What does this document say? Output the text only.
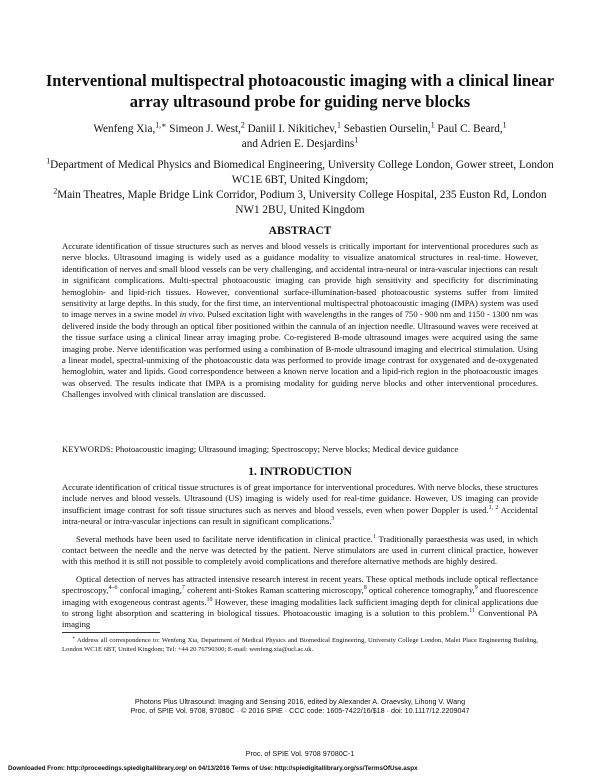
Interventional multispectral photoacoustic imaging with a clinical linear array ultrasound probe for guiding nerve blocks
Wenfeng Xia,$^{1,∗}$ Simeon J. West,$^2$ Daniil I. Nikitichev,$^1$ Sebastien Ourselin,$^1$ Paul C. Beard,$^1$
and Adrien E. Desjardins$^1$

$^1$Department of Medical Physics and Biomedical Engineering, University College London, Gower street, London WC1E 6BT, United Kingdom;

$^2$Main Theatres, Maple Bridge Link Corridor, Podium 3, University College Hospital, 235 Euston Rd, London NW1 2BU, United Kingdom

ABSTRACT

Accurate identification of tissue structures such as nerves and blood vessels is critically important for interventional procedures such as nerve blocks. Ultrasound imaging is widely used as a guidance modality to visualize anatomical structures in real-time. However, identification of nerves and small blood vessels can be very challenging, and accidental intra-neural or intra-vascular injections can result in significant complications. Multi-spectral photoacoustic imaging can provide high sensitivity and specificity for discriminating hemoglobin- and lipid-rich tissues. However, conventional surface-illumination-based photoacoustic systems suffer from limited sensitivity at large depths. In this study, for the first time, an interventional multispectral photoacoustic imaging (IMPA) system was used to image nerves in a swine model in vivo. Pulsed excitation light with wavelengths in the ranges of 750 - 900 nm and 1150 - 1300 nm was delivered inside the body through an optical fiber positioned within the cannula of an injection needle. Ultrasound waves were received at the tissue surface using a clinical linear array imaging probe. Co-registered B-mode ultrasound images were acquired using the same imaging probe. Nerve identification was performed using a combination of B-mode ultrasound imaging and electrical stimulation. Using a linear model, spectral-unmixing of the photoacoustic data was performed to provide image contrast for oxygenated and de-oxygenated hemoglobin, water and lipids. Good correspondence between a known nerve location and a lipid-rich region in the photoacoustic images was observed. The results indicate that IMPA is a promising modality for guiding nerve blocks and other interventional procedures. Challenges involved with clinical translation are discussed.

KEYWORDS: Photoacoustic imaging; Ultrasound imaging; Spectroscopy; Nerve blocks; Medical device guidance

1. INTRODUCTION

Accurate identification of critical tissue structures is of great importance for interventional procedures. With nerve blocks, these structures include nerves and blood vessels. Ultrasound (US) imaging is widely used for real-time guidance. However, US imaging can provide insufficient image contrast for soft tissue structures such as nerves and blood vessels, even when power Doppler is used.$^{1, 2}$ Accidental intra-neural or intra-vascular injections can result in significant complications.$^3$

Several methods have been used to facilitate nerve identification in clinical practice.$^1$ Traditionally paraesthesia was used, in which contact between the needle and the nerve was detected by the patient. Nerve stimulators are used in current clinical practice, however with this method it is still not possible to completely avoid complications and therefore alternative methods are highly desired.

Optical detection of nerves has attracted intensive research interest in recent years. These optical methods include optical reflectance spectroscopy,$^{4-6}$ confocal imaging,$^7$ coherent anti-Stokes Raman scattering microscopy,$^8$ optical coherence tomography,$^9$ and fluorescence imaging with exogeneous contrast agents.$^{10}$ However, these imaging modalities lack sufficient imaging depth for clinical applications due to strong light absorption and scattering in biological tissues. Photoacoustic imaging is a solution to this problem.$^{11}$ Conventional PA imaging

∗ Address all correspondence to: Wenfeng Xia, Department of Medical Physics and Biomedical Engineering, University College London, Malet Place Engineering Building, London WC1E 6BT, United Kingdom; Tel: +44 20 76790300; E-mail: wenfeng.xia@ucl.ac.uk.

Photons Plus Ultrasound: Imaging and Sensing 2016, edited by Alexander A. Oraevsky, Lihong V. Wang

Proc. of SPIE Vol. 9708, 97080C · © 2016 SPIE · CCC code: 1605-7422/16/$18 · doi: 10.1117/12.2209047

Proc. of SPIE Vol. 9708 97080C-1
Downloaded From: http://proceedings.spiedigitallibrary.org/ on 04/13/2016 Terms of Use: http://spiedigitallibrary.org/ss/TermsOfUse.aspx
